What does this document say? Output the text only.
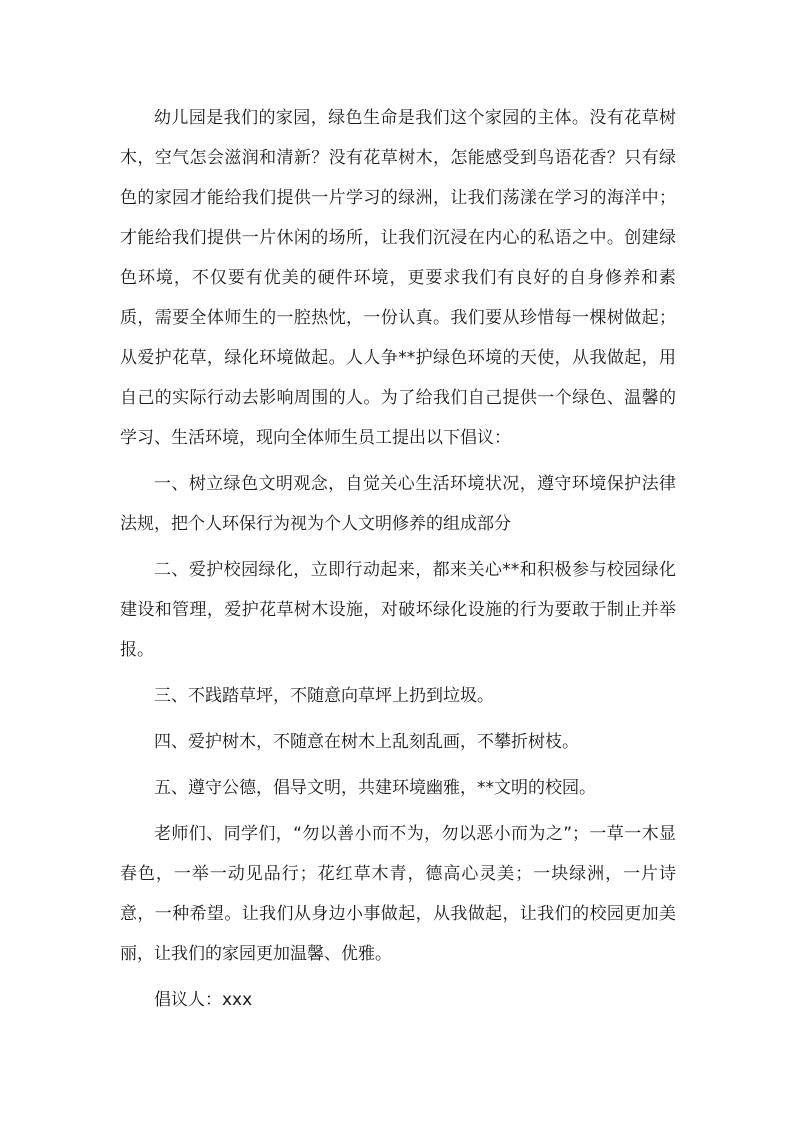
幼儿园是我们的家园，绿色生命是我们这个家园的主体。没有花草树木，空气怎会滋润和清新？没有花草树木，怎能感受到鸟语花香？只有绿色的家园才能给我们提供一片学习的绿洲，让我们荡漾在学习的海洋中；才能给我们提供一片休闲的场所，让我们沉浸在内心的私语之中。创建绿色环境，不仅要有优美的硬件环境，更要求我们有良好的自身修养和素质，需要全体师生的一腔热忱，一份认真。我们要从珍惜每一棵树做起；从爱护花草，绿化环境做起。人人争**护绿色环境的天使，从我做起，用自己的实际行动去影响周围的人。为了给我们自己提供一个绿色、温馨的学习、生活环境，现向全体师生员工提出以下倡议：

一、树立绿色文明观念，自觉关心生活环境状况，遵守环境保护法律法规，把个人环保行为视为个人文明修养的组成部分

二、爱护校园绿化，立即行动起来，都来关心**和积极参与校园绿化建设和管理，爱护花草树木设施，对破坏绿化设施的行为要敢于制止并举报。

三、不践踏草坪，不随意向草坪上扔到垃圾。

四、爱护树木，不随意在树木上乱刻乱画，不攀折树枝。

五、遵守公德，倡导文明，共建环境幽雅，**文明的校园。

老师们、同学们，“勿以善小而不为，勿以恶小而为之”；一草一木显春色，一举一动见品行；花红草木青，德高心灵美；一块绿洲，一片诗意，一种希望。让我们从身边小事做起，从我做起，让我们的校园更加美丽，让我们的家园更加温馨、优雅。

倡议人：xxx
